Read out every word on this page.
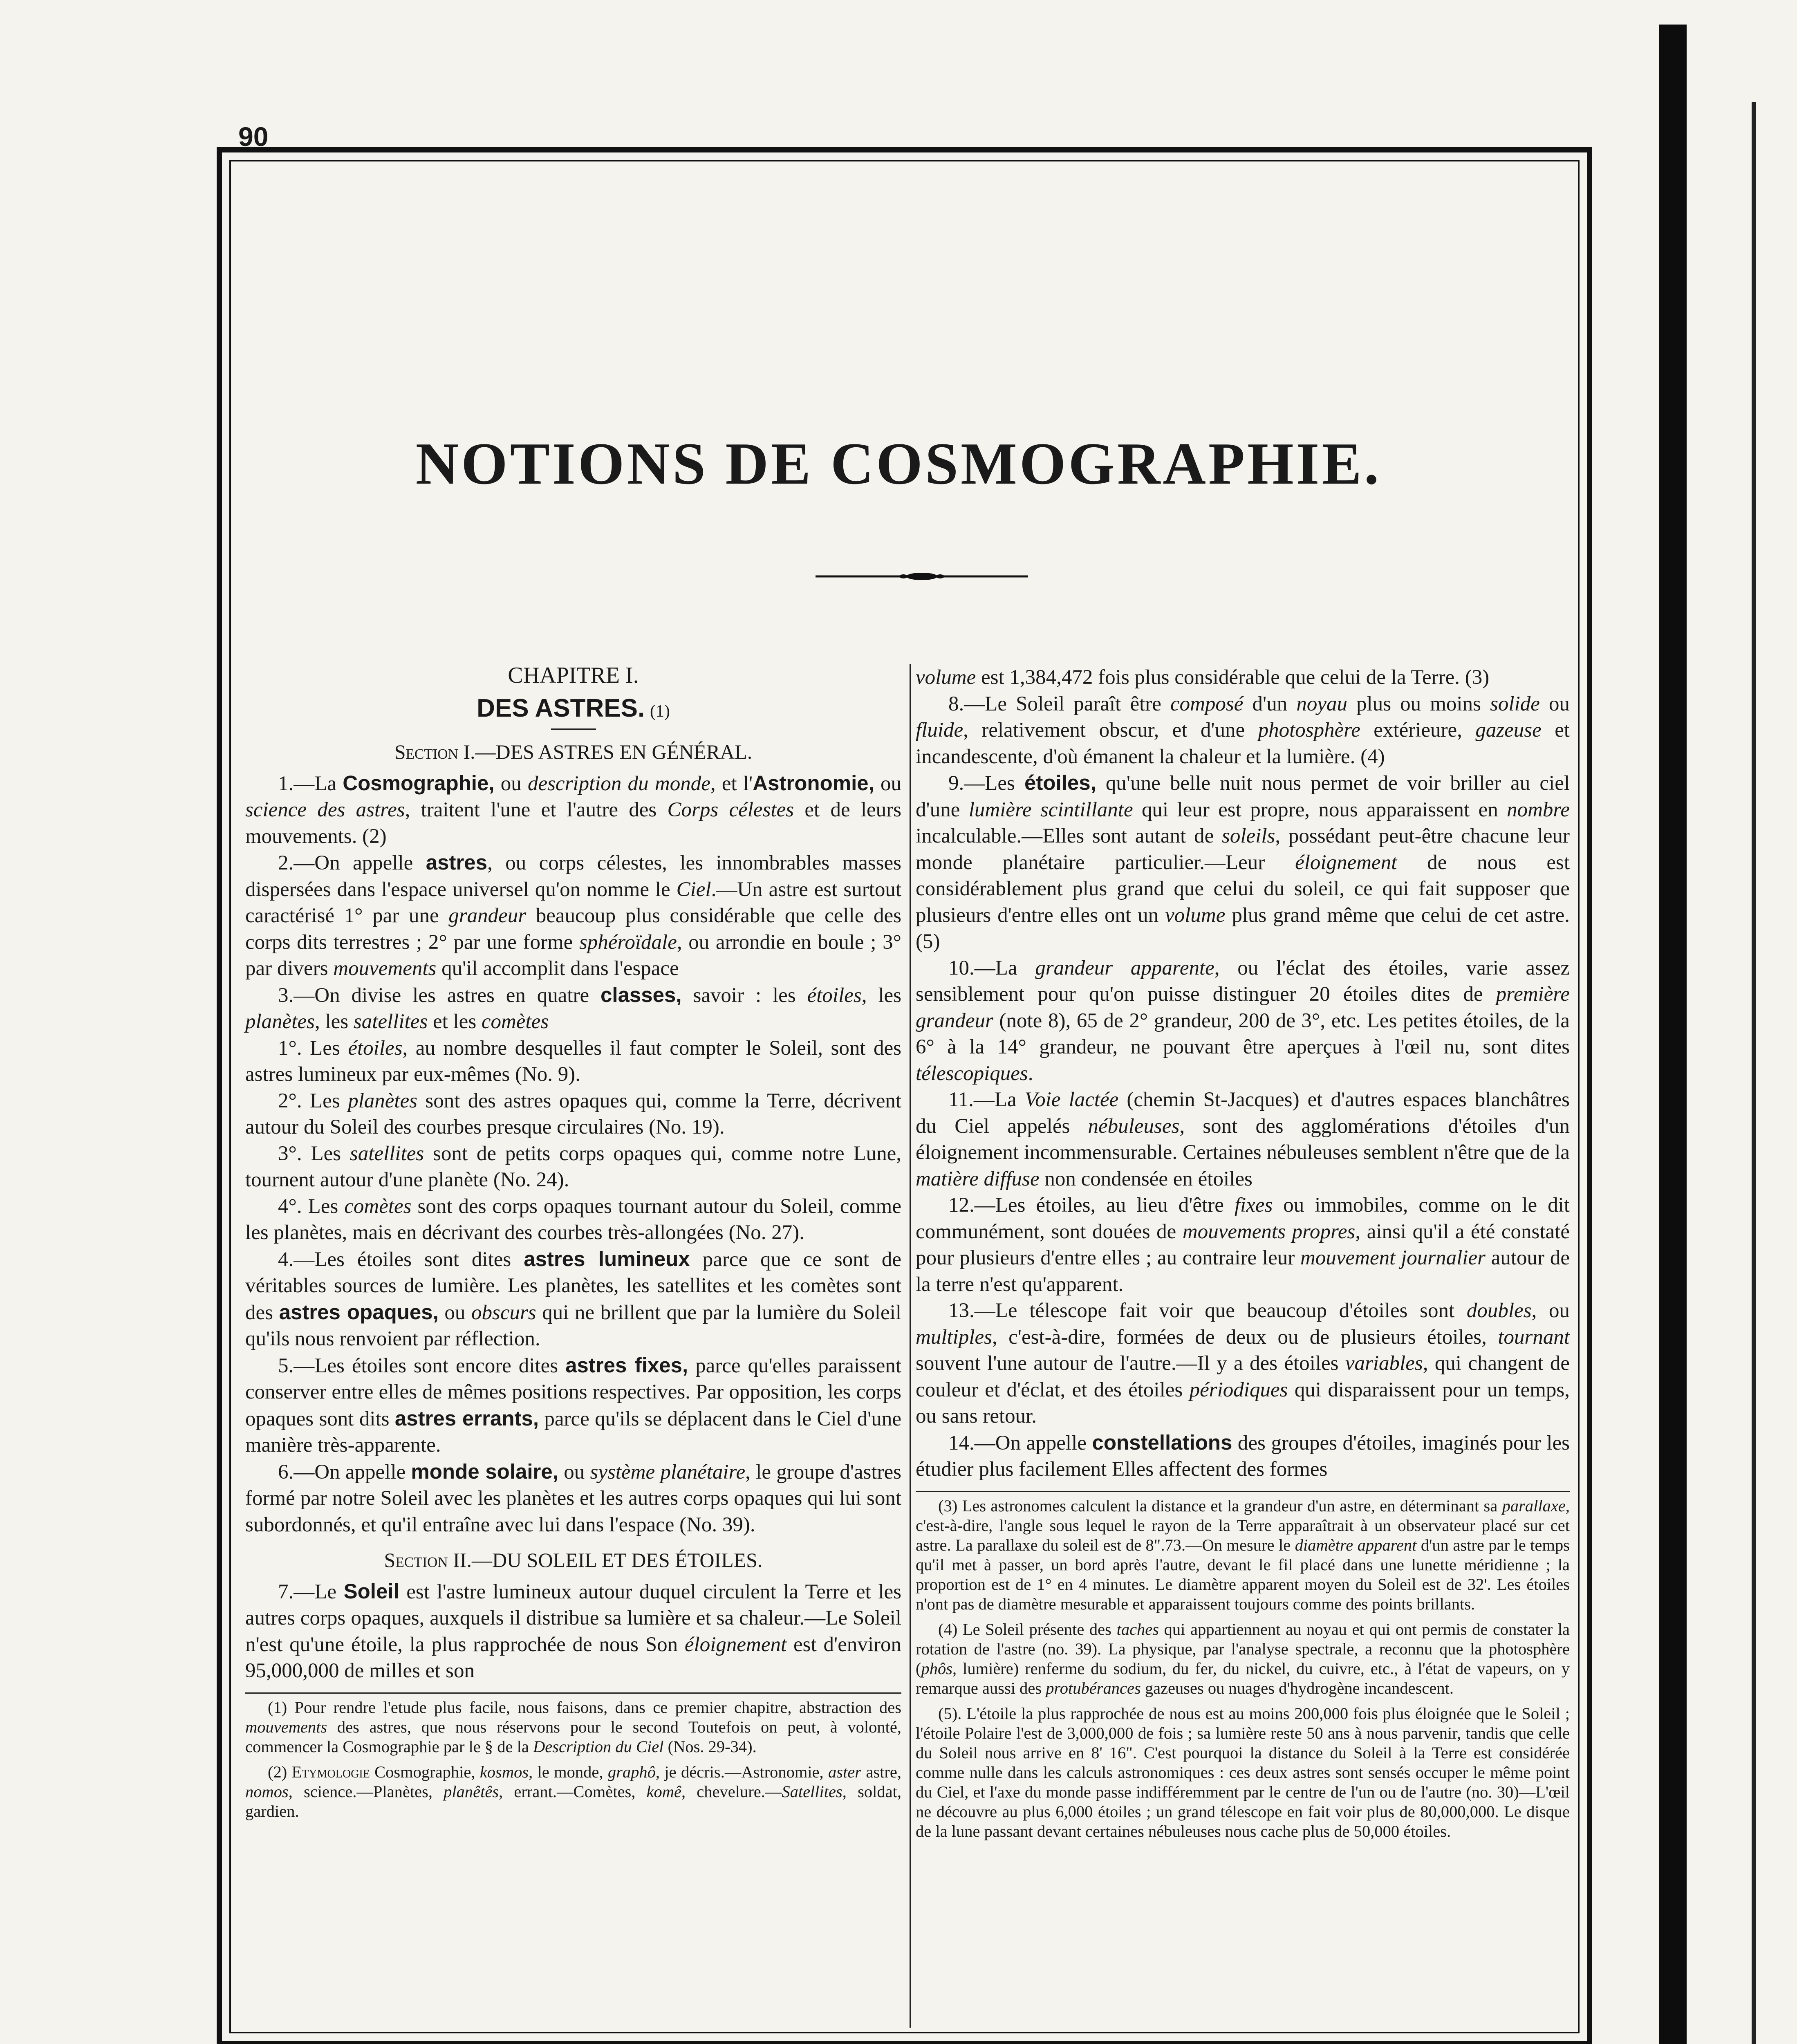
90
NOTIONS DE COSMOGRAPHIE.

CHAPITRE I.

DES ASTRES. (1)

Section I.—DES ASTRES EN GÉNÉRAL.

1.—La Cosmographie, ou description du monde, et l'Astronomie, ou science des astres, traitent l'une et l'autre des Corps célestes et de leurs mouvements. (2)

2.—On appelle astres, ou corps célestes, les innombrables masses dispersées dans l'espace universel qu'on nomme le Ciel.—Un astre est surtout caractérisé 1° par une grandeur beaucoup plus considérable que celle des corps dits terrestres ; 2° par une forme sphéroïdale, ou arrondie en boule ; 3° par divers mouvements qu'il accomplit dans l'espace

3.—On divise les astres en quatre classes, savoir : les étoiles, les planètes, les satellites et les comètes

1°. Les étoiles, au nombre desquelles il faut compter le Soleil, sont des astres lumineux par eux-mêmes (No. 9).

2°. Les planètes sont des astres opaques qui, comme la Terre, décrivent autour du Soleil des courbes presque circulaires (No. 19).

3°. Les satellites sont de petits corps opaques qui, comme notre Lune, tournent autour d'une planète (No. 24).

4°. Les comètes sont des corps opaques tournant autour du Soleil, comme les planètes, mais en décrivant des courbes très-allongées (No. 27).

4.—Les étoiles sont dites astres lumineux parce que ce sont de véritables sources de lumière. Les planètes, les satellites et les comètes sont des astres opaques, ou obscurs qui ne brillent que par la lumière du Soleil qu'ils nous renvoient par réflection.

5.—Les étoiles sont encore dites astres fixes, parce qu'elles paraissent conserver entre elles de mêmes positions respectives. Par opposition, les corps opaques sont dits astres errants, parce qu'ils se déplacent dans le Ciel d'une manière très-apparente.

6.—On appelle monde solaire, ou système planétaire, le groupe d'astres formé par notre Soleil avec les planètes et les autres corps opaques qui lui sont subordonnés, et qu'il entraîne avec lui dans l'espace (No. 39).

Section II.—DU SOLEIL ET DES ÉTOILES.

7.—Le Soleil est l'astre lumineux autour duquel circulent la Terre et les autres corps opaques, auxquels il distribue sa lumière et sa chaleur.—Le Soleil n'est qu'une étoile, la plus rapprochée de nous Son éloignement est d'environ 95,000,000 de milles et son

(1) Pour rendre l'etude plus facile, nous faisons, dans ce premier chapitre, abstraction des mouvements des astres, que nous réservons pour le second Toutefois on peut, à volonté, commencer la Cosmographie par le § de la Description du Ciel (Nos. 29-34).

(2) Etymologie Cosmographie, kosmos, le monde, graphô, je décris.—Astronomie, aster astre, nomos, science.—Planètes, planêtês, errant.—Comètes, komê, chevelure.—Satellites, soldat, gardien.

volume est 1,384,472 fois plus considérable que celui de la Terre. (3)

8.—Le Soleil paraît être composé d'un noyau plus ou moins solide ou fluide, relativement obscur, et d'une photosphère extérieure, gazeuse et incandescente, d'où émanent la chaleur et la lumière. (4)

9.—Les étoiles, qu'une belle nuit nous permet de voir briller au ciel d'une lumière scintillante qui leur est propre, nous apparaissent en nombre incalculable.—Elles sont autant de soleils, possédant peut-être chacune leur monde planétaire particulier.—Leur éloignement de nous est considérablement plus grand que celui du soleil, ce qui fait supposer que plusieurs d'entre elles ont un volume plus grand même que celui de cet astre. (5)

10.—La grandeur apparente, ou l'éclat des étoiles, varie assez sensiblement pour qu'on puisse distinguer 20 étoiles dites de première grandeur (note 8), 65 de 2° grandeur, 200 de 3°, etc. Les petites étoiles, de la 6° à la 14° grandeur, ne pouvant être aperçues à l'œil nu, sont dites télescopiques.

11.—La Voie lactée (chemin St-Jacques) et d'autres espaces blanchâtres du Ciel appelés nébuleuses, sont des agglomérations d'étoiles d'un éloignement incommensurable. Certaines nébuleuses semblent n'être que de la matière diffuse non condensée en étoiles

12.—Les étoiles, au lieu d'être fixes ou immobiles, comme on le dit communément, sont douées de mouvements propres, ainsi qu'il a été constaté pour plusieurs d'entre elles ; au contraire leur mouvement journalier autour de la terre n'est qu'apparent.

13.—Le télescope fait voir que beaucoup d'étoiles sont doubles, ou multiples, c'est-à-dire, formées de deux ou de plusieurs étoiles, tournant souvent l'une autour de l'autre.—Il y a des étoiles variables, qui changent de couleur et d'éclat, et des étoiles périodiques qui disparaissent pour un temps, ou sans retour.

14.—On appelle constellations des groupes d'étoiles, imaginés pour les étudier plus facilement Elles affectent des formes

(3) Les astronomes calculent la distance et la grandeur d'un astre, en déterminant sa parallaxe, c'est-à-dire, l'angle sous lequel le rayon de la Terre apparaîtrait à un observateur placé sur cet astre. La parallaxe du soleil est de 8".73.—On mesure le diamètre apparent d'un astre par le temps qu'il met à passer, un bord après l'autre, devant le fil placé dans une lunette méridienne ; la proportion est de 1° en 4 minutes. Le diamètre apparent moyen du Soleil est de 32'. Les étoiles n'ont pas de diamètre mesurable et apparaissent toujours comme des points brillants.

(4) Le Soleil présente des taches qui appartiennent au noyau et qui ont permis de constater la rotation de l'astre (no. 39). La physique, par l'analyse spectrale, a reconnu que la photosphère (phôs, lumière) renferme du sodium, du fer, du nickel, du cuivre, etc., à l'état de vapeurs, on y remarque aussi des protubérances gazeuses ou nuages d'hydrogène incandescent.

(5). L'étoile la plus rapprochée de nous est au moins 200,000 fois plus éloignée que le Soleil ; l'étoile Polaire l'est de 3,000,000 de fois ; sa lumière reste 50 ans à nous parvenir, tandis que celle du Soleil nous arrive en 8' 16". C'est pourquoi la distance du Soleil à la Terre est considérée comme nulle dans les calculs astronomiques : ces deux astres sont sensés occuper le même point du Ciel, et l'axe du monde passe indifféremment par le centre de l'un ou de l'autre (no. 30)—L'œil ne découvre au plus 6,000 étoiles ; un grand télescope en fait voir plus de 80,000,000. Le disque de la lune passant devant certaines nébuleuses nous cache plus de 50,000 étoiles.
